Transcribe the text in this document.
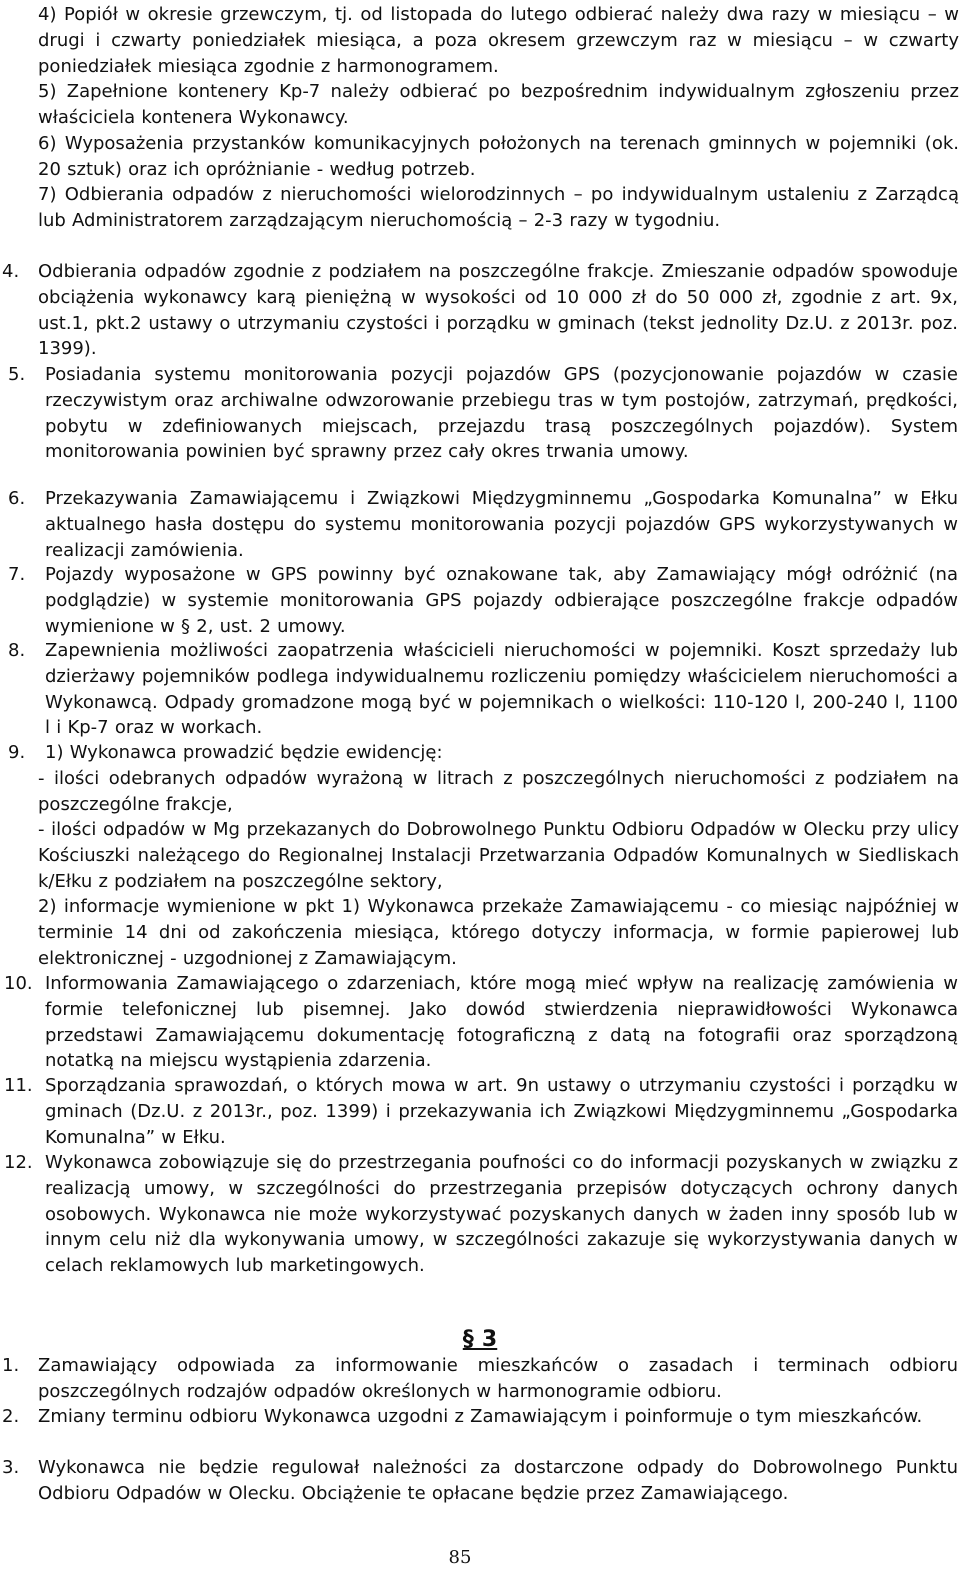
4) Popiół w okresie grzewczym, tj. od listopada do lutego odbierać należy dwa razy w miesiącu – w drugi i czwarty poniedziałek miesiąca, a poza okresem grzewczym raz w miesiącu – w czwarty poniedziałek miesiąca zgodnie z harmonogramem.

5) Zapełnione kontenery Kp-7 należy odbierać po bezpośrednim indywidualnym zgłoszeniu przez właściciela kontenera Wykonawcy.

6) Wyposażenia przystanków komunikacyjnych położonych na terenach gminnych w pojemniki (ok. 20 sztuk) oraz ich opróżnianie - według potrzeb.

7) Odbierania odpadów z nieruchomości wielorodzinnych – po indywidualnym ustaleniu z Zarządcą lub Administratorem zarządzającym nieruchomością – 2-3 razy w tygodniu.

4. Odbierania odpadów zgodnie z podziałem na poszczególne frakcje. Zmieszanie odpadów spowoduje obciążenia wykonawcy karą pieniężną w wysokości od 10 000 zł do 50 000 zł, zgodnie z art. 9x, ust.1, pkt.2 ustawy o utrzymaniu czystości i porządku w gminach (tekst jednolity Dz.U. z 2013r. poz. 1399).

5. Posiadania systemu monitorowania pozycji pojazdów GPS (pozycjonowanie pojazdów w czasie rzeczywistym oraz archiwalne odwzorowanie przebiegu tras w tym postojów, zatrzymań, prędkości, pobytu w zdefiniowanych miejscach, przejazdu trasą poszczególnych pojazdów). System monitorowania powinien być sprawny przez cały okres trwania umowy.

6. Przekazywania Zamawiającemu i Związkowi Międzygminnemu „Gospodarka Komunalna” w Ełku aktualnego hasła dostępu do systemu monitorowania pozycji pojazdów GPS wykorzystywanych w realizacji zamówienia.

7. Pojazdy wyposażone w GPS powinny być oznakowane tak, aby Zamawiający mógł odróżnić (na podglądzie) w systemie monitorowania GPS pojazdy odbierające poszczególne frakcje odpadów wymienione w § 2, ust. 2 umowy.

8. Zapewnienia możliwości zaopatrzenia właścicieli nieruchomości w pojemniki. Koszt sprzedaży lub dzierżawy pojemników podlega indywidualnemu rozliczeniu pomiędzy właścicielem nieruchomości a Wykonawcą. Odpady gromadzone mogą być w pojemnikach o wielkości: 110-120 l, 200-240 l, 1100 l i Kp-7 oraz w workach.

9. 1) Wykonawca prowadzić będzie ewidencję:

- ilości odebranych odpadów wyrażoną w litrach z poszczególnych nieruchomości z podziałem na poszczególne frakcje,

- ilości odpadów w Mg przekazanych do Dobrowolnego Punktu Odbioru Odpadów w Olecku przy ulicy Kościuszki należącego do Regionalnej Instalacji Przetwarzania Odpadów Komunalnych w Siedliskach k/Ełku z podziałem na poszczególne sektory,

2) informacje wymienione w pkt 1) Wykonawca przekaże Zamawiającemu - co miesiąc najpóźniej w terminie 14 dni od zakończenia miesiąca, którego dotyczy informacja, w formie papierowej lub elektronicznej - uzgodnionej z Zamawiającym.

10. Informowania Zamawiającego o zdarzeniach, które mogą mieć wpływ na realizację zamówienia w formie telefonicznej lub pisemnej. Jako dowód stwierdzenia nieprawidłowości Wykonawca przedstawi Zamawiającemu dokumentację fotograficzną z datą na fotografii oraz sporządzoną notatką na miejscu wystąpienia zdarzenia.

11. Sporządzania sprawozdań, o których mowa w art. 9n ustawy o utrzymaniu czystości i porządku w gminach (Dz.U. z 2013r., poz. 1399) i przekazywania ich Związkowi Międzygminnemu „Gospodarka Komunalna” w Ełku.

12. Wykonawca zobowiązuje się do przestrzegania poufności co do informacji pozyskanych w związku z realizacją umowy, w szczególności do przestrzegania przepisów dotyczących ochrony danych osobowych. Wykonawca nie może wykorzystywać pozyskanych danych w żaden inny sposób lub w innym celu niż dla wykonywania umowy, w szczególności zakazuje się wykorzystywania danych w celach reklamowych lub marketingowych.

§ 3
1. Zamawiający odpowiada za informowanie mieszkańców o zasadach i terminach odbioru poszczególnych rodzajów odpadów określonych w harmonogramie odbioru.

2. Zmiany terminu odbioru Wykonawca uzgodni z Zamawiającym i poinformuje o tym mieszkańców.

3. Wykonawca nie będzie regulował należności za dostarczone odpady do Dobrowolnego Punktu Odbioru Odpadów w Olecku. Obciążenie te opłacane będzie przez Zamawiającego.

85
